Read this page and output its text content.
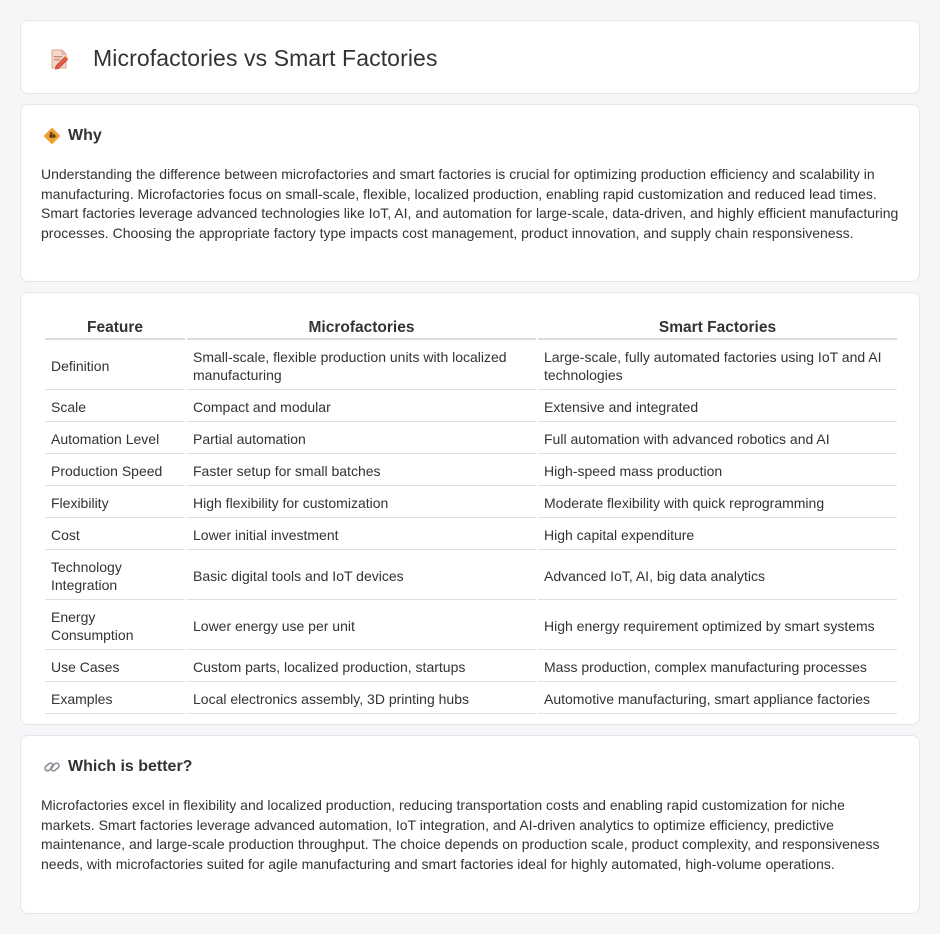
Microfactories vs Smart Factories
Why

Understanding the difference between microfactories and smart factories is crucial for optimizing production efficiency and scalability in manufacturing. Microfactories focus on small-scale, flexible, localized production, enabling rapid customization and reduced lead times. Smart factories leverage advanced technologies like IoT, AI, and automation for large-scale, data-driven, and highly efficient manufacturing processes. Choosing the appropriate factory type impacts cost management, product innovation, and supply chain responsiveness.

Feature	Microfactories	Smart Factories
Definition	Small-scale, flexible production units with localized manufacturing	Large-scale, fully automated factories using IoT and AI technologies
Scale	Compact and modular	Extensive and integrated
Automation Level	Partial automation	Full automation with advanced robotics and AI
Production Speed	Faster setup for small batches	High-speed mass production
Flexibility	High flexibility for customization	Moderate flexibility with quick reprogramming
Cost	Lower initial investment	High capital expenditure
Technology Integration	Basic digital tools and IoT devices	Advanced IoT, AI, big data analytics
Energy Consumption	Lower energy use per unit	High energy requirement optimized by smart systems
Use Cases	Custom parts, localized production, startups	Mass production, complex manufacturing processes
Examples	Local electronics assembly, 3D printing hubs	Automotive manufacturing, smart appliance factories
Which is better?

Microfactories excel in flexibility and localized production, reducing transportation costs and enabling rapid customization for niche markets. Smart factories leverage advanced automation, IoT integration, and AI-driven analytics to optimize efficiency, predictive maintenance, and large-scale production throughput. The choice depends on production scale, product complexity, and responsiveness needs, with microfactories suited for agile manufacturing and smart factories ideal for highly automated, high-volume operations.
